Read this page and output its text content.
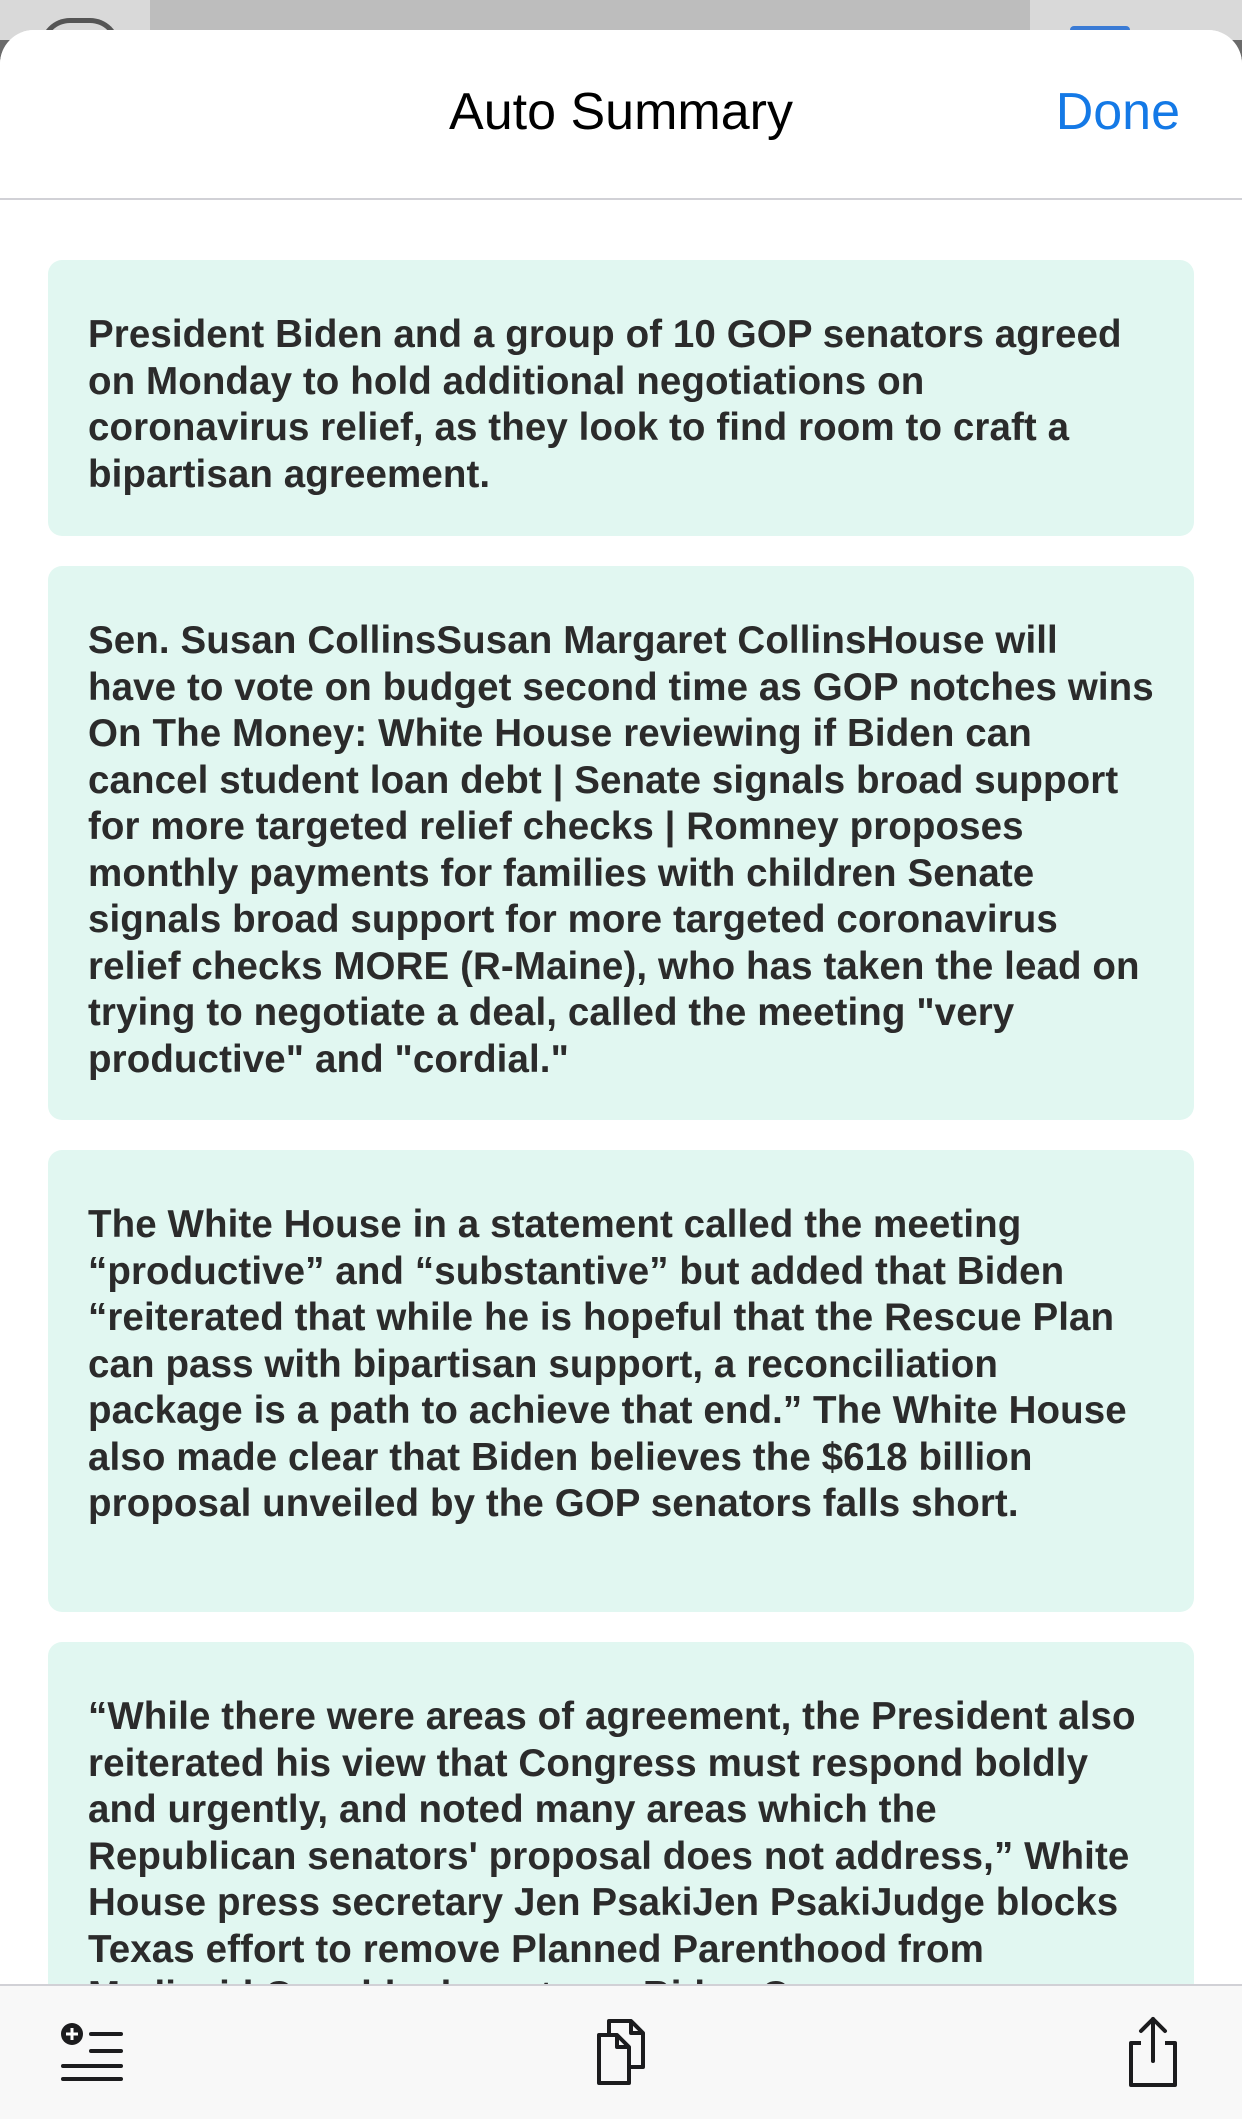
Auto Summary	Done

President Biden and a group of 10 GOP senators agreed on Monday to hold additional negotiations on coronavirus relief, as they look to find room to craft a bipartisan agreement.

Sen. Susan CollinsSusan Margaret CollinsHouse will have to vote on budget second time as GOP notches wins On The Money: White House reviewing if Biden can cancel student loan debt | Senate signals broad support for more targeted relief checks | Romney proposes monthly payments for families with children Senate signals broad support for more targeted coronavirus relief checks MORE (R-Maine), who has taken the lead on trying to negotiate a deal, called the meeting "very productive" and "cordial."

The White House in a statement called the meeting “productive” and “substantive” but added that Biden “reiterated that while he is hopeful that the Rescue Plan can pass with bipartisan support, a reconciliation package is a path to achieve that end.” The White House also made clear that Biden believes the $618 billion proposal unveiled by the GOP senators falls short.

“While there were areas of agreement, the President also reiterated his view that Congress must respond boldly and urgently, and noted many areas which the Republican senators' proposal does not address,” White House press secretary Jen PsakiJen PsakiJudge blocks Texas effort to remove Planned Parenthood from
